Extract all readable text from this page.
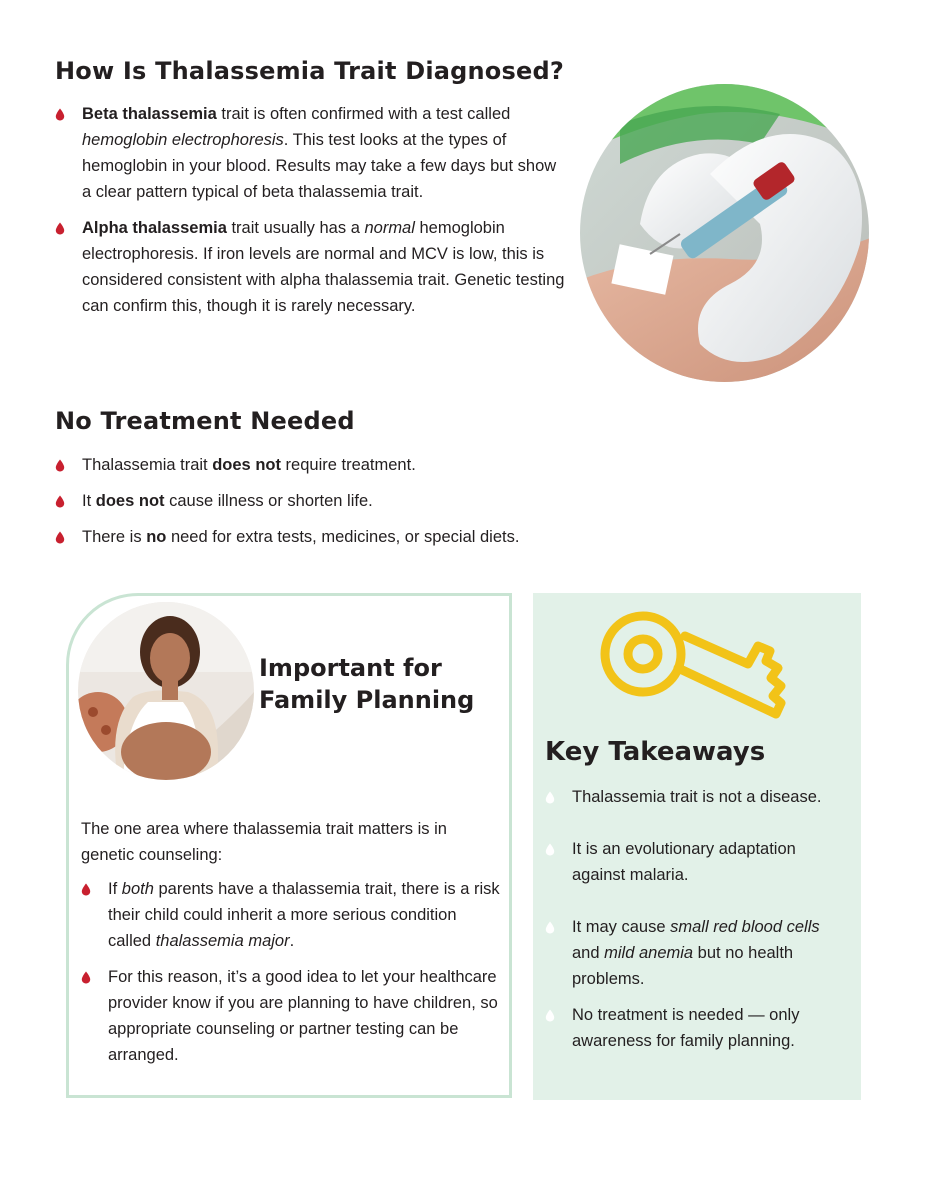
How Is Thalassemia Trait Diagnosed?
Beta thalassemia trait is often confirmed with a test called hemoglobin electrophoresis. This test looks at the types of hemoglobin in your blood. Results may take a few days but show a clear pattern typical of beta thalassemia trait.
Alpha thalassemia trait usually has a normal hemoglobin electrophoresis. If iron levels are normal and MCV is low, this is considered consistent with alpha thalassemia trait. Genetic testing can confirm this, though it is rarely necessary.
No Treatment Needed
Thalassemia trait does not require treatment.
It does not cause illness or shorten life.
There is no need for extra tests, medicines, or special diets.
Important for
Family Planning

The one area where thalassemia trait matters is in genetic counseling:

If both parents have a thalassemia trait, there is a risk their child could inherit a more serious condition called thalassemia major.
For this reason, it’s a good idea to let your healthcare provider know if you are planning to have children, so appropriate counseling or partner testing can be arranged.
Key Takeaways
Thalassemia trait is not a disease.
It is an evolutionary adaptation against malaria.
It may cause small red blood cells and mild anemia but no health problems.
No treatment is needed — only awareness for family planning.
